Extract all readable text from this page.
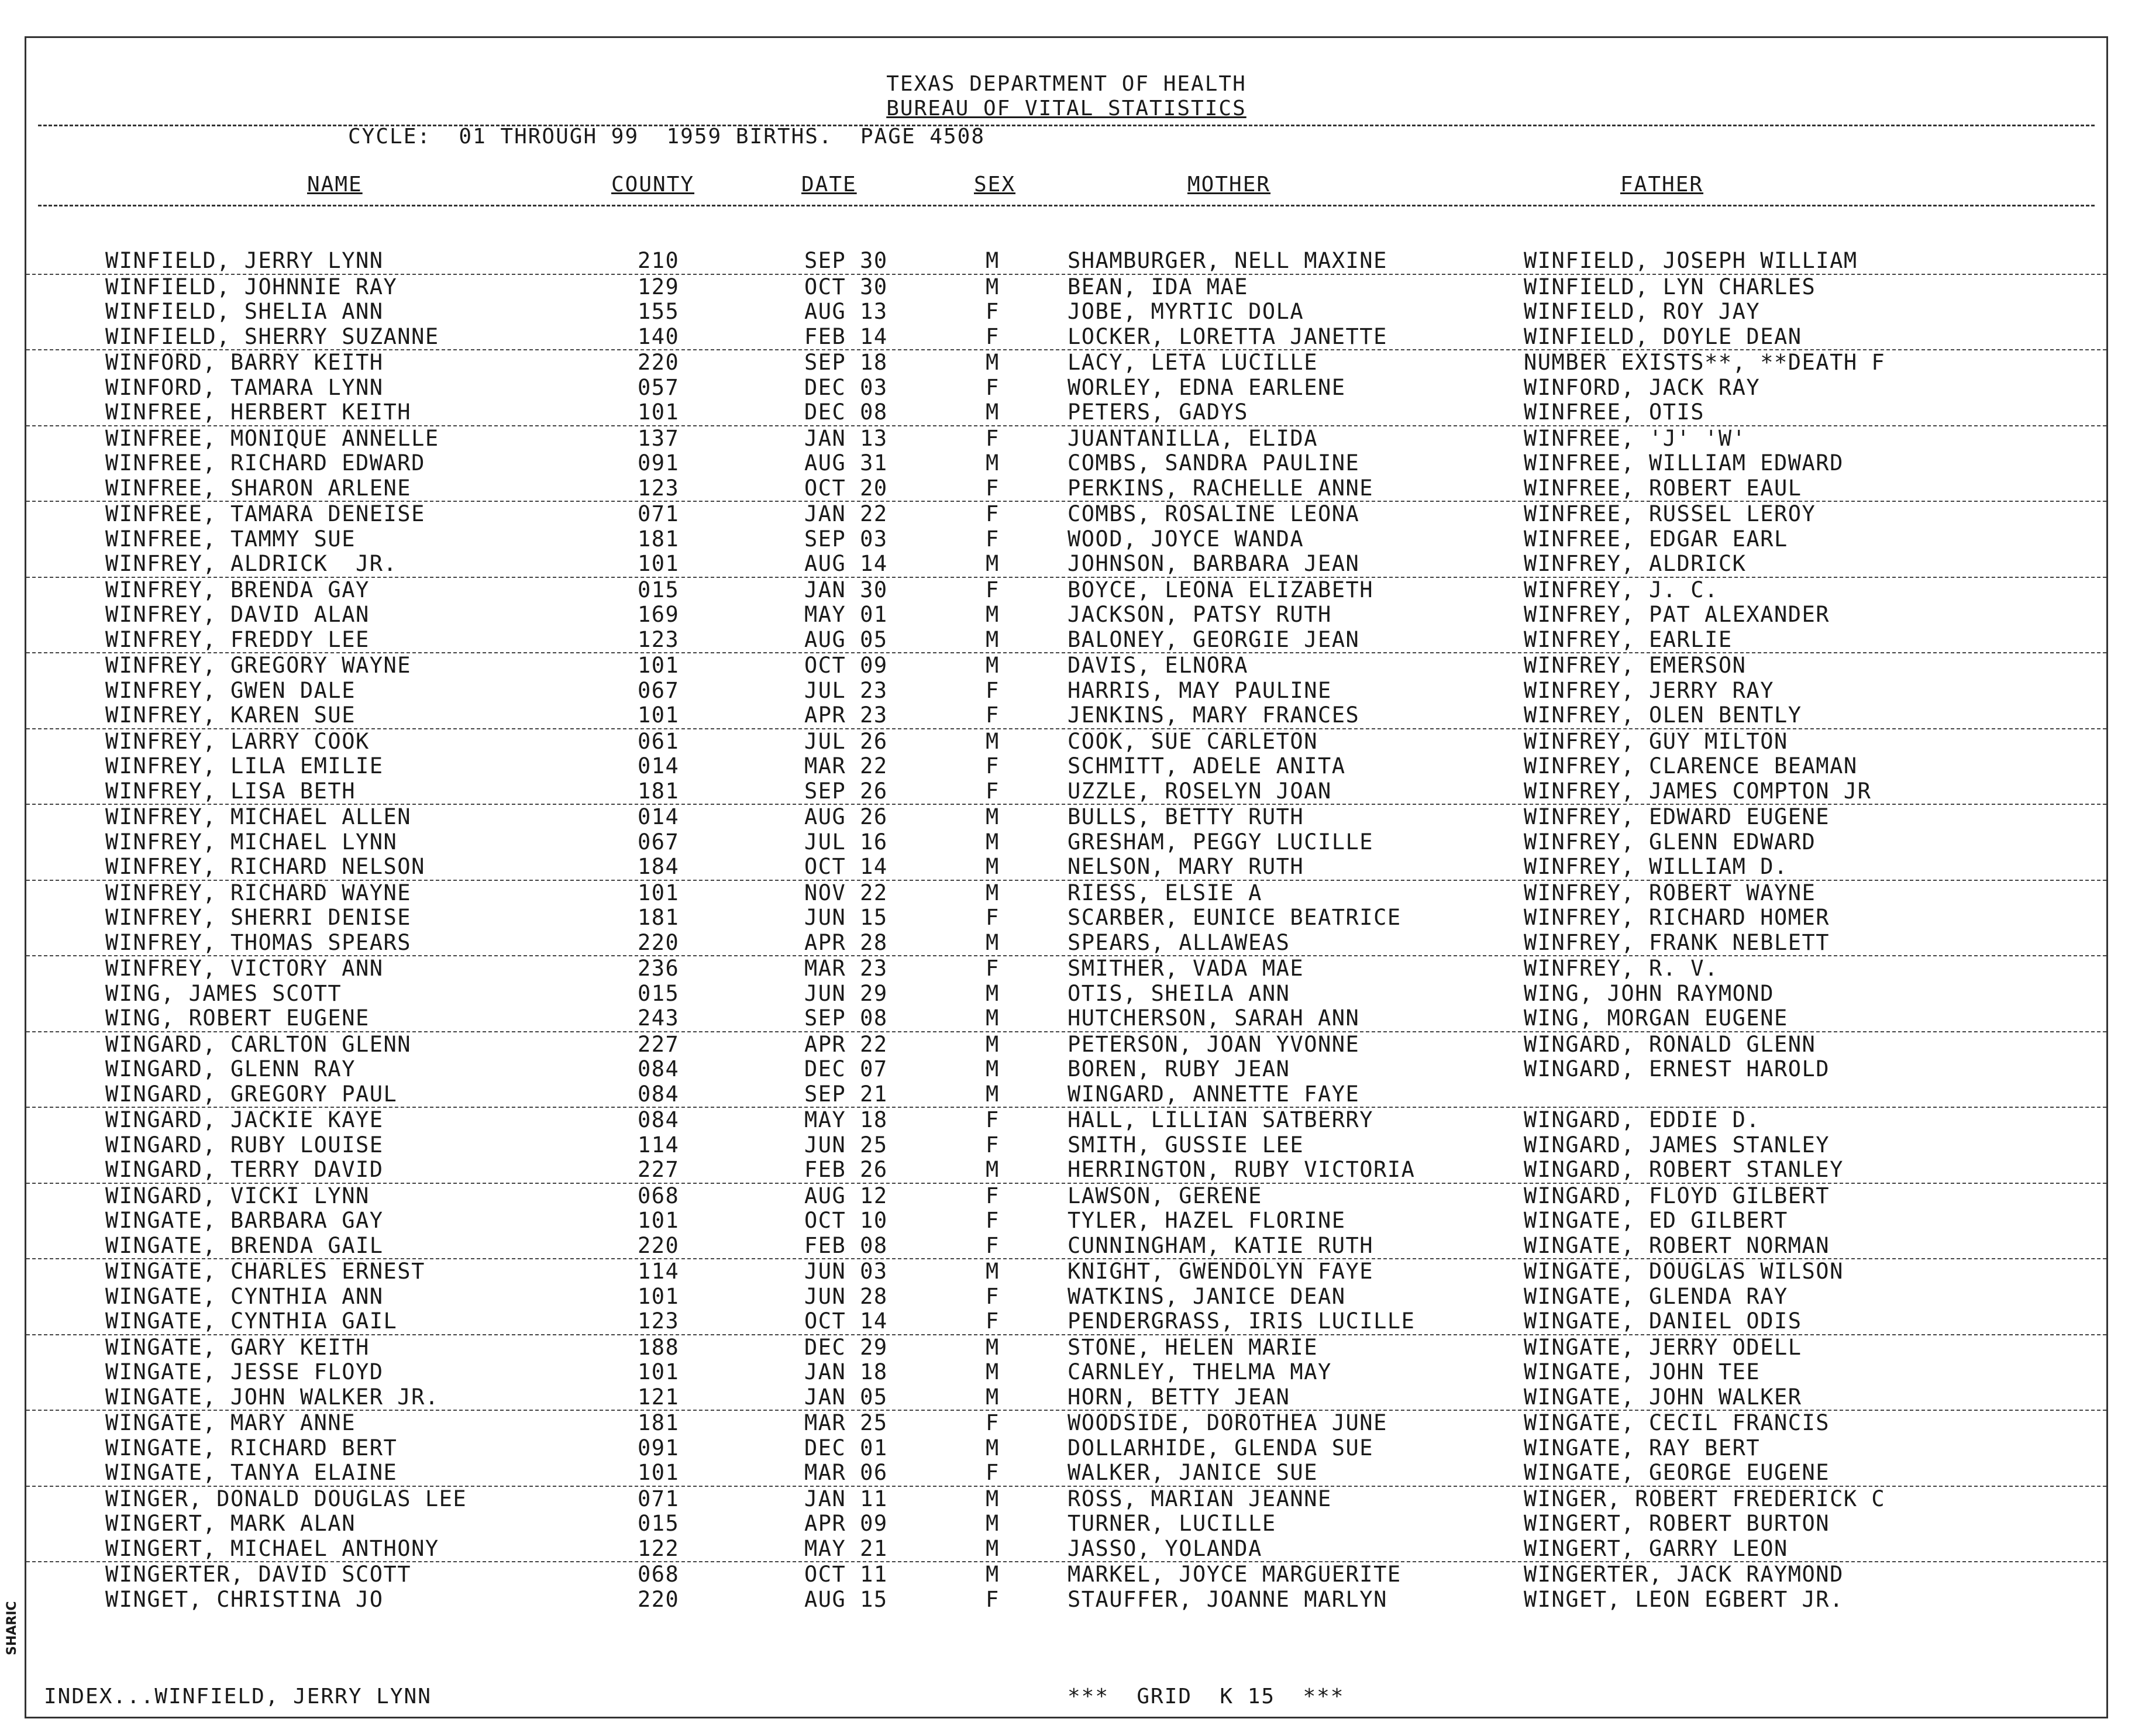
TEXAS DEPARTMENT OF HEALTH
BUREAU OF VITAL STATISTICS
CYCLE:  01 THROUGH 99  1959 BIRTHS.  PAGE 4508
NAME	COUNTY	DATE	SEX	MOTHER	FATHER
WINFIELD, JERRY LYNN	210	SEP 30	M	SHAMBURGER, NELL MAXINE	WINFIELD, JOSEPH WILLIAM
WINFIELD, JOHNNIE RAY	129	OCT 30	M	BEAN, IDA MAE	WINFIELD, LYN CHARLES
WINFIELD, SHELIA ANN	155	AUG 13	F	JOBE, MYRTIC DOLA	WINFIELD, ROY JAY
WINFIELD, SHERRY SUZANNE	140	FEB 14	F	LOCKER, LORETTA JANETTE	WINFIELD, DOYLE DEAN
WINFORD, BARRY KEITH	220	SEP 18	M	LACY, LETA LUCILLE	NUMBER EXISTS**, **DEATH F
WINFORD, TAMARA LYNN	057	DEC 03	F	WORLEY, EDNA EARLENE	WINFORD, JACK RAY
WINFREE, HERBERT KEITH	101	DEC 08	M	PETERS, GADYS	WINFREE, OTIS
WINFREE, MONIQUE ANNELLE	137	JAN 13	F	JUANTANILLA, ELIDA	WINFREE, 'J' 'W'
WINFREE, RICHARD EDWARD	091	AUG 31	M	COMBS, SANDRA PAULINE	WINFREE, WILLIAM EDWARD
WINFREE, SHARON ARLENE	123	OCT 20	F	PERKINS, RACHELLE ANNE	WINFREE, ROBERT EAUL
WINFREE, TAMARA DENEISE	071	JAN 22	F	COMBS, ROSALINE LEONA	WINFREE, RUSSEL LEROY
WINFREE, TAMMY SUE	181	SEP 03	F	WOOD, JOYCE WANDA	WINFREE, EDGAR EARL
WINFREY, ALDRICK  JR.	101	AUG 14	M	JOHNSON, BARBARA JEAN	WINFREY, ALDRICK
WINFREY, BRENDA GAY	015	JAN 30	F	BOYCE, LEONA ELIZABETH	WINFREY, J. C.
WINFREY, DAVID ALAN	169	MAY 01	M	JACKSON, PATSY RUTH	WINFREY, PAT ALEXANDER
WINFREY, FREDDY LEE	123	AUG 05	M	BALONEY, GEORGIE JEAN	WINFREY, EARLIE
WINFREY, GREGORY WAYNE	101	OCT 09	M	DAVIS, ELNORA	WINFREY, EMERSON
WINFREY, GWEN DALE	067	JUL 23	F	HARRIS, MAY PAULINE	WINFREY, JERRY RAY
WINFREY, KAREN SUE	101	APR 23	F	JENKINS, MARY FRANCES	WINFREY, OLEN BENTLY
WINFREY, LARRY COOK	061	JUL 26	M	COOK, SUE CARLETON	WINFREY, GUY MILTON
WINFREY, LILA EMILIE	014	MAR 22	F	SCHMITT, ADELE ANITA	WINFREY, CLARENCE BEAMAN
WINFREY, LISA BETH	181	SEP 26	F	UZZLE, ROSELYN JOAN	WINFREY, JAMES COMPTON JR
WINFREY, MICHAEL ALLEN	014	AUG 26	M	BULLS, BETTY RUTH	WINFREY, EDWARD EUGENE
WINFREY, MICHAEL LYNN	067	JUL 16	M	GRESHAM, PEGGY LUCILLE	WINFREY, GLENN EDWARD
WINFREY, RICHARD NELSON	184	OCT 14	M	NELSON, MARY RUTH	WINFREY, WILLIAM D.
WINFREY, RICHARD WAYNE	101	NOV 22	M	RIESS, ELSIE A	WINFREY, ROBERT WAYNE
WINFREY, SHERRI DENISE	181	JUN 15	F	SCARBER, EUNICE BEATRICE	WINFREY, RICHARD HOMER
WINFREY, THOMAS SPEARS	220	APR 28	M	SPEARS, ALLAWEAS	WINFREY, FRANK NEBLETT
WINFREY, VICTORY ANN	236	MAR 23	F	SMITHER, VADA MAE	WINFREY, R. V.
WING, JAMES SCOTT	015	JUN 29	M	OTIS, SHEILA ANN	WING, JOHN RAYMOND
WING, ROBERT EUGENE	243	SEP 08	M	HUTCHERSON, SARAH ANN	WING, MORGAN EUGENE
WINGARD, CARLTON GLENN	227	APR 22	M	PETERSON, JOAN YVONNE	WINGARD, RONALD GLENN
WINGARD, GLENN RAY	084	DEC 07	M	BOREN, RUBY JEAN	WINGARD, ERNEST HAROLD
WINGARD, GREGORY PAUL	084	SEP 21	M	WINGARD, ANNETTE FAYE
WINGARD, JACKIE KAYE	084	MAY 18	F	HALL, LILLIAN SATBERRY	WINGARD, EDDIE D.
WINGARD, RUBY LOUISE	114	JUN 25	F	SMITH, GUSSIE LEE	WINGARD, JAMES STANLEY
WINGARD, TERRY DAVID	227	FEB 26	M	HERRINGTON, RUBY VICTORIA	WINGARD, ROBERT STANLEY
WINGARD, VICKI LYNN	068	AUG 12	F	LAWSON, GERENE	WINGARD, FLOYD GILBERT
WINGATE, BARBARA GAY	101	OCT 10	F	TYLER, HAZEL FLORINE	WINGATE, ED GILBERT
WINGATE, BRENDA GAIL	220	FEB 08	F	CUNNINGHAM, KATIE RUTH	WINGATE, ROBERT NORMAN
WINGATE, CHARLES ERNEST	114	JUN 03	M	KNIGHT, GWENDOLYN FAYE	WINGATE, DOUGLAS WILSON
WINGATE, CYNTHIA ANN	101	JUN 28	F	WATKINS, JANICE DEAN	WINGATE, GLENDA RAY
WINGATE, CYNTHIA GAIL	123	OCT 14	F	PENDERGRASS, IRIS LUCILLE	WINGATE, DANIEL ODIS
WINGATE, GARY KEITH	188	DEC 29	M	STONE, HELEN MARIE	WINGATE, JERRY ODELL
WINGATE, JESSE FLOYD	101	JAN 18	M	CARNLEY, THELMA MAY	WINGATE, JOHN TEE
WINGATE, JOHN WALKER JR.	121	JAN 05	M	HORN, BETTY JEAN	WINGATE, JOHN WALKER
WINGATE, MARY ANNE	181	MAR 25	F	WOODSIDE, DOROTHEA JUNE	WINGATE, CECIL FRANCIS
WINGATE, RICHARD BERT	091	DEC 01	M	DOLLARHIDE, GLENDA SUE	WINGATE, RAY BERT
WINGATE, TANYA ELAINE	101	MAR 06	F	WALKER, JANICE SUE	WINGATE, GEORGE EUGENE
WINGER, DONALD DOUGLAS LEE	071	JAN 11	M	ROSS, MARIAN JEANNE	WINGER, ROBERT FREDERICK C
WINGERT, MARK ALAN	015	APR 09	M	TURNER, LUCILLE	WINGERT, ROBERT BURTON
WINGERT, MICHAEL ANTHONY	122	MAY 21	M	JASSO, YOLANDA	WINGERT, GARRY LEON
WINGERTER, DAVID SCOTT	068	OCT 11	M	MARKEL, JOYCE MARGUERITE	WINGERTER, JACK RAYMOND
WINGET, CHRISTINA JO	220	AUG 15	F	STAUFFER, JOANNE MARLYN	WINGET, LEON EGBERT JR.
INDEX...WINFIELD, JERRY LYNN	***  GRID  K 15  ***
SHARIC
